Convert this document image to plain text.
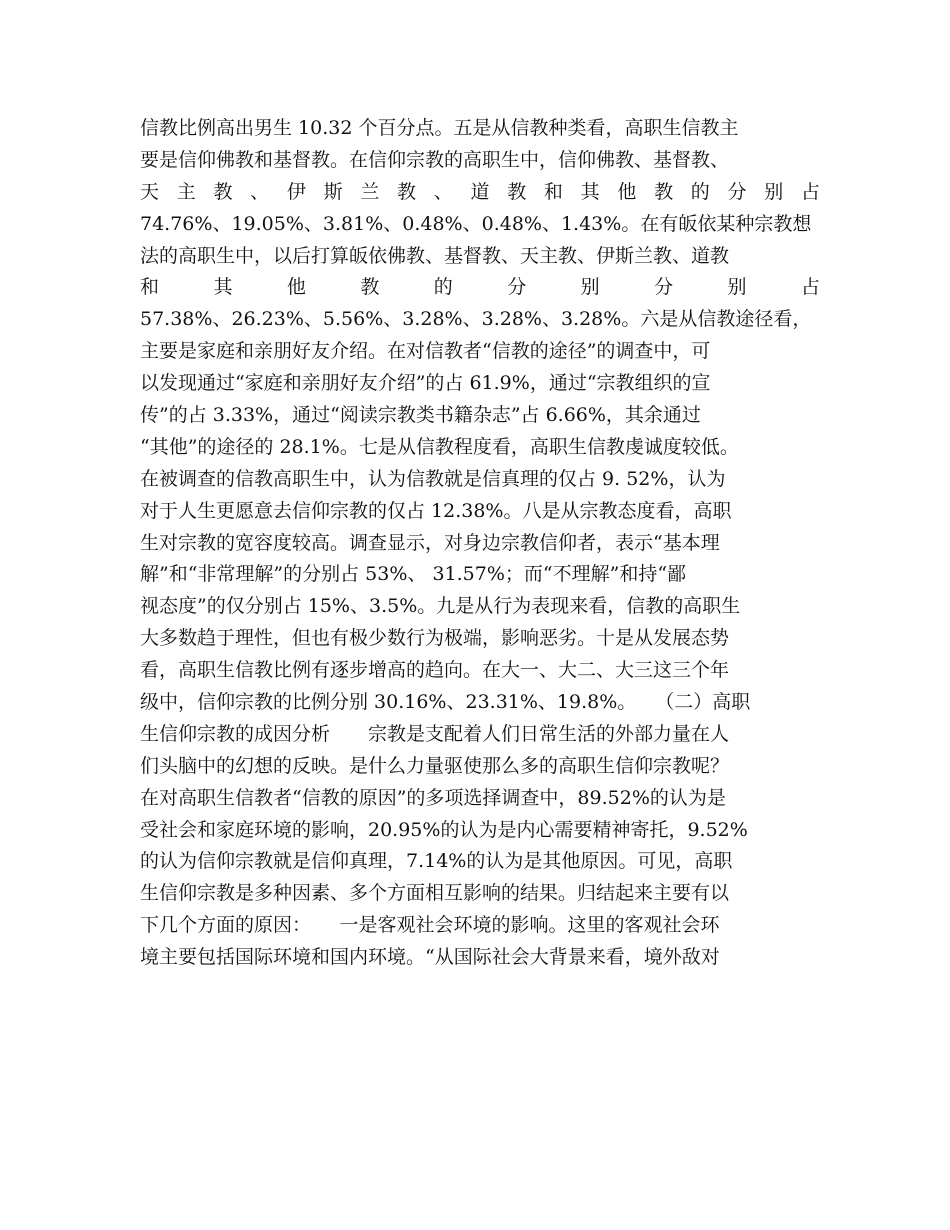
信教比例高出男生 10.32 个百分点。五是从信教种类看，高职生信教主
要是信仰佛教和基督教。在信仰宗教的高职生中，信仰佛教、基督教、
天 主 教 、 伊 斯 兰 教 、 道 教 和 其 他 教 的 分 别 占
74.76%、19.05%、3.81%、0.48%、0.48%、1.43%。在有皈依某种宗教想
法的高职生中，以后打算皈依佛教、基督教、天主教、伊斯兰教、道教
和	其	他	教	的	分	别	分	别	占
57.38%、26.23%、5.56%、3.28%、3.28%、3.28%。六是从信教途径看，
主要是家庭和亲朋好友介绍。在对信教者“信教的途径”的调查中，可
以发现通过“家庭和亲朋好友介绍”的占 61.9%，通过“宗教组织的宣
传”的占 3.33%，通过“阅读宗教类书籍杂志”占 6.66%，其余通过
“其他”的途径的 28.1%。七是从信教程度看，高职生信教虔诚度较低。
在被调查的信教高职生中，认为信教就是信真理的仅占 9. 52%，认为
对于人生更愿意去信仰宗教的仅占 12.38%。八是从宗教态度看，高职
生对宗教的宽容度较高。调查显示，对身边宗教信仰者，表示“基本理
解”和“非常理解”的分别占 53%、 31.57%；而“不理解”和持“鄙
视态度”的仅分别占 15%、3.5%。九是从行为表现来看，信教的高职生
大多数趋于理性，但也有极少数行为极端，影响恶劣。十是从发展态势
看，高职生信教比例有逐步增高的趋向。在大一、大二、大三这三个年
级中，信仰宗教的比例分别 30.16%、23.31%、19.8%。　　（二）高职
生信仰宗教的成因分析　　宗教是支配着人们日常生活的外部力量在人
们头脑中的幻想的反映。是什么力量驱使那么多的高职生信仰宗教呢？
在对高职生信教者“信教的原因”的多项选择调查中，89.52%的认为是
受社会和家庭环境的影响，20.95%的认为是内心需要精神寄托，9.52%
的认为信仰宗教就是信仰真理，7.14%的认为是其他原因。可见，高职
生信仰宗教是多种因素、多个方面相互影响的结果。归结起来主要有以
下几个方面的原因：　　一是客观社会环境的影响。这里的客观社会环
境主要包括国际环境和国内环境。“从国际社会大背景来看，境外敌对
